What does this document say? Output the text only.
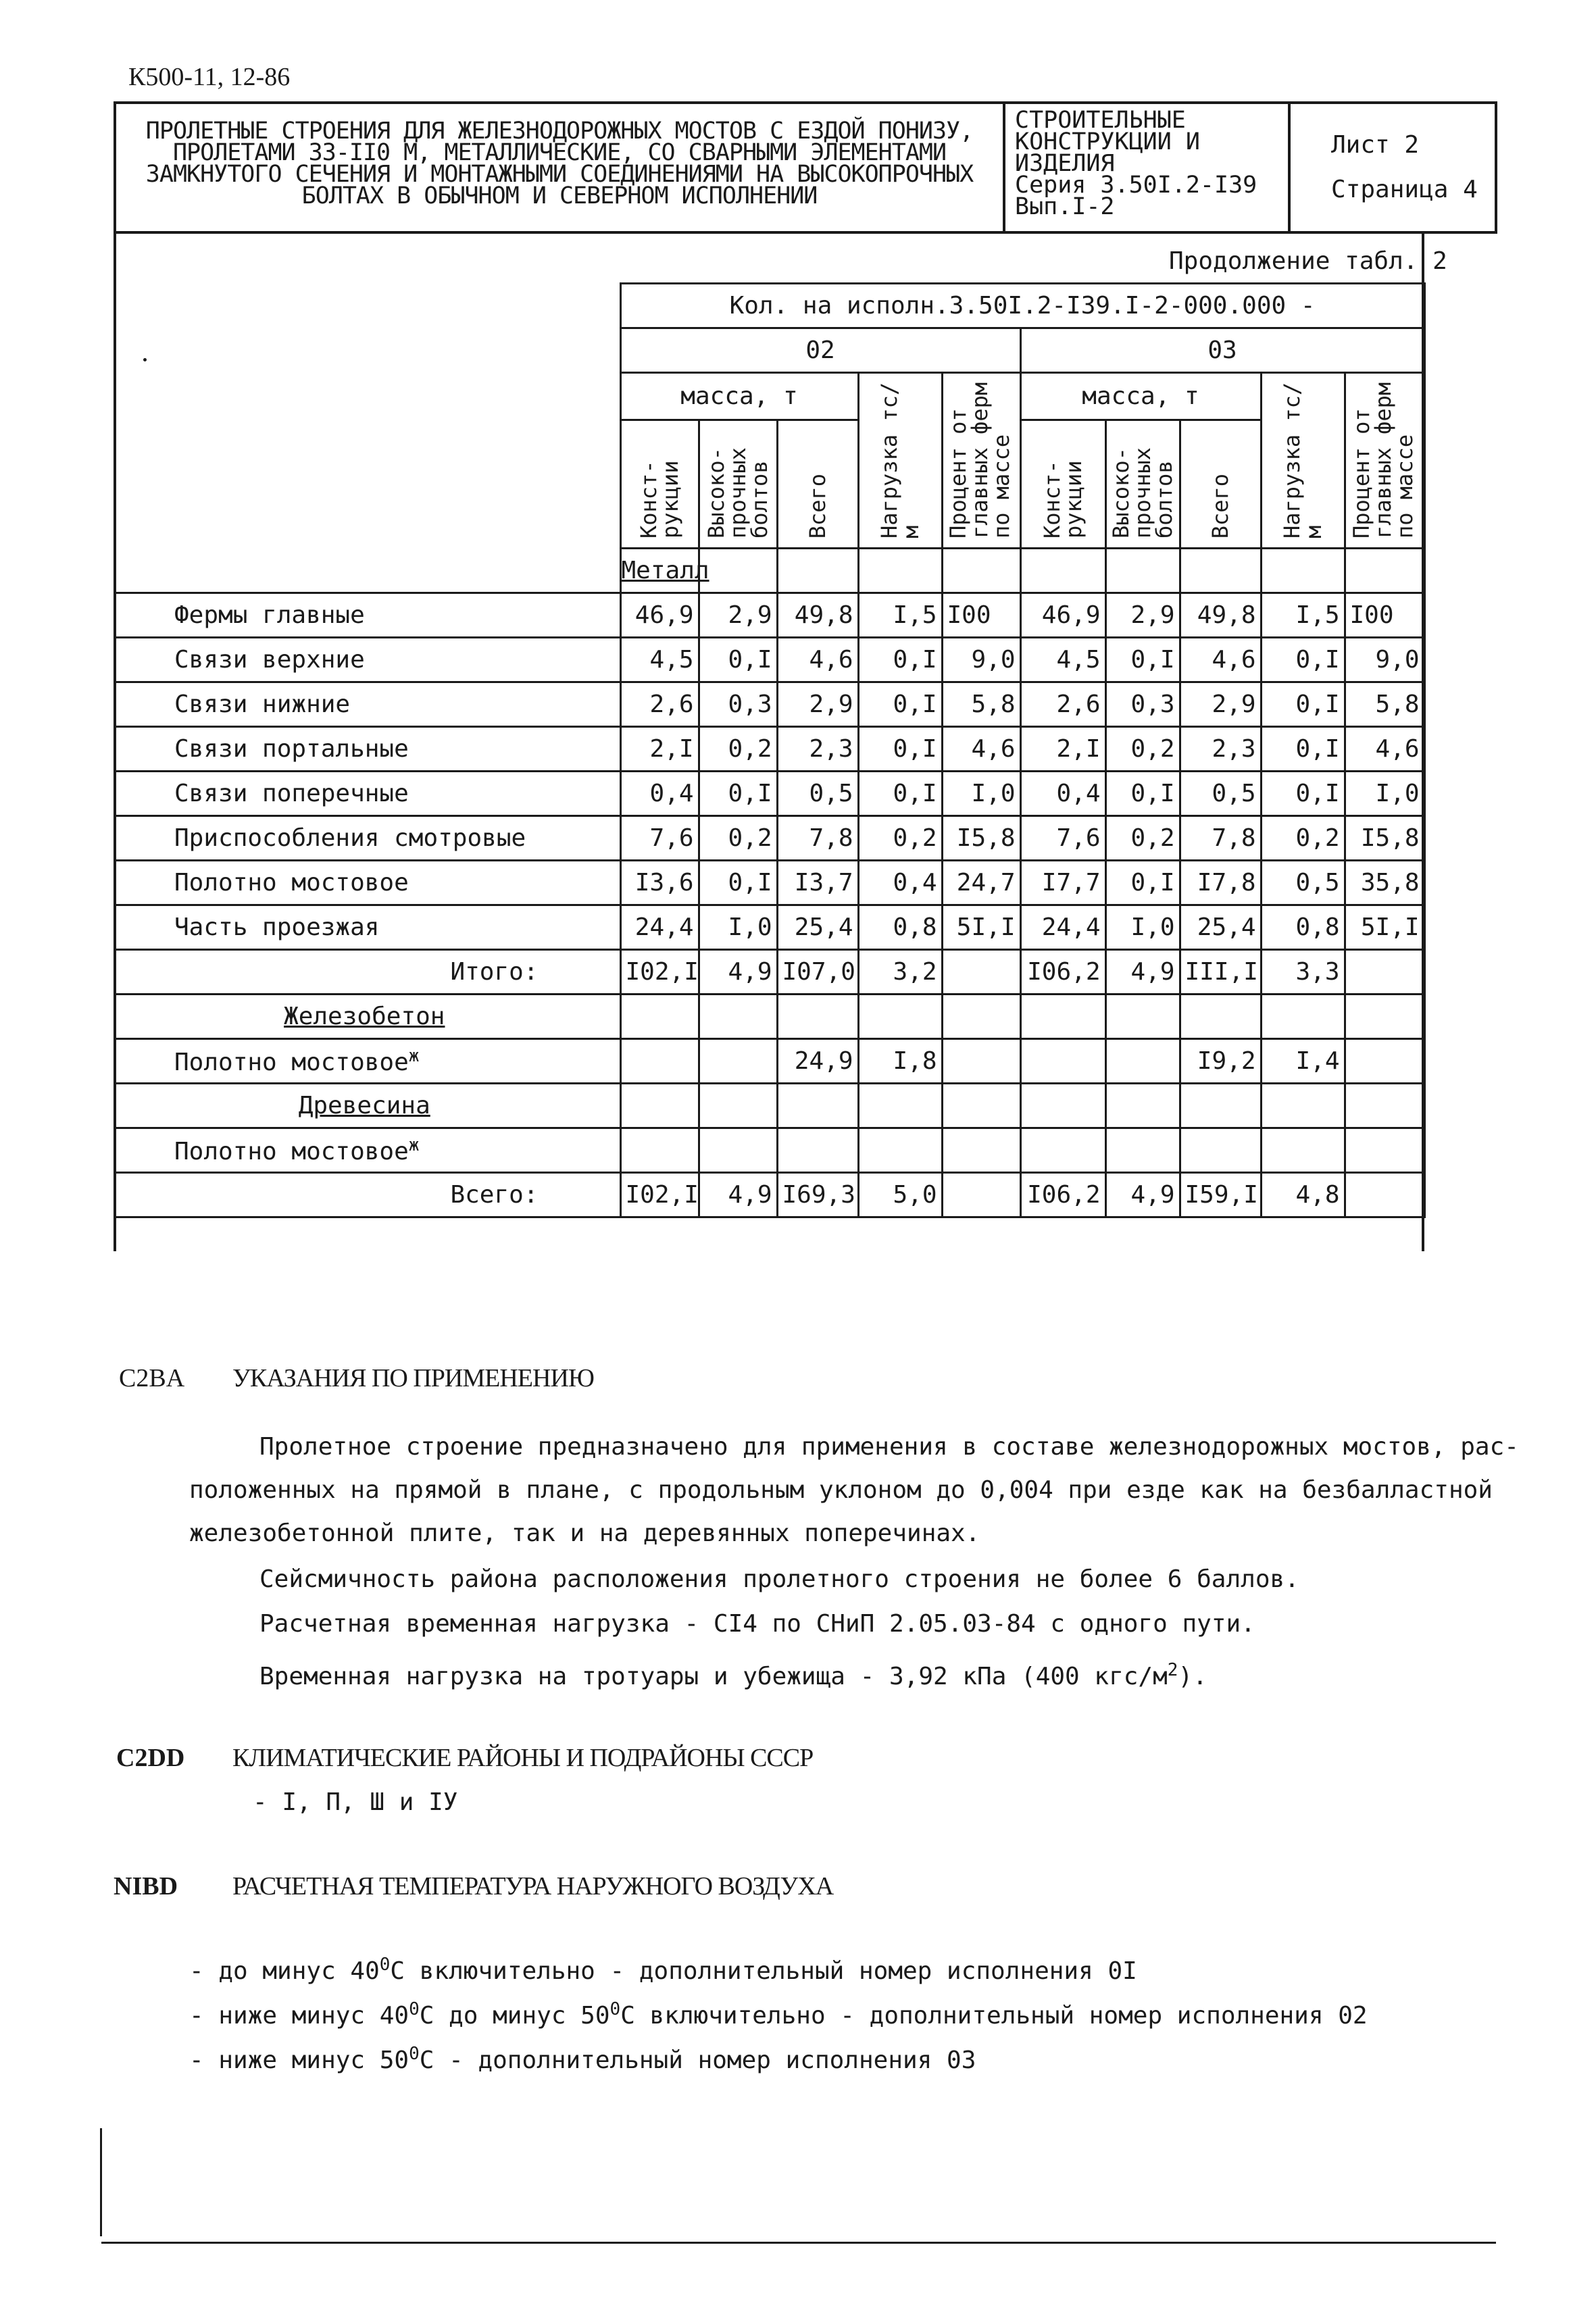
К500-11, 12-86
ПРОЛЕТНЫЕ СТРОЕНИЯ ДЛЯ ЖЕЛЕЗНОДОРОЖНЫХ МОСТОВ С ЕЗДОЙ ПОНИЗУ,
ПРОЛЕТАМИ 33-II0 М, МЕТАЛЛИЧЕСКИЕ, СО СВАРНЫМИ ЭЛЕМЕНТАМИ
ЗАМКНУТОГО СЕЧЕНИЯ И МОНТАЖНЫМИ СОЕДИНЕНИЯМИ НА ВЫСОКОПРОЧНЫХ
БОЛТАХ В ОБЫЧНОМ И СЕВЕРНОМ ИСПОЛНЕНИИ
СТРОИТЕЛЬНЫЕ
КОНСТРУКЦИИ И
ИЗДЕЛИЯ
Серия 3.50I.2-I39
Вып.I-2
Лист 2
Страница 4
Продолжение табл. 2
	Кол. на исполн.3.50I.2-I39.I-2-000.000 -										
	02					03					
	масса, т			Нагрузка тс/м	Процент от главных ферм по массе	масса, т			Нагрузка тс/м	Процент от главных ферм по массе	
	Конст- рукции	Высоко- прочных болтов	Всего			Конст- рукции	Высоко- прочных болтов	Всего			
	Металл										
Фермы главные	46,9	2,9	49,8	I,5	I00	46,9	2,9	49,8	I,5	I00	
Связи верхние	4,5	0,I	4,6	0,I	9,0	4,5	0,I	4,6	0,I	9,0	
Связи нижние	2,6	0,3	2,9	0,I	5,8	2,6	0,3	2,9	0,I	5,8	
Связи портальные	2,I	0,2	2,3	0,I	4,6	2,I	0,2	2,3	0,I	4,6	
Связи поперечные	0,4	0,I	0,5	0,I	I,0	0,4	0,I	0,5	0,I	I,0	
Приспособления смотровые	7,6	0,2	7,8	0,2	I5,8	7,6	0,2	7,8	0,2	I5,8	
Полотно мостовое	I3,6	0,I	I3,7	0,4	24,7	I7,7	0,I	I7,8	0,5	35,8	
Часть проезжая	24,4	I,0	25,4	0,8	5I,I	24,4	I,0	25,4	0,8	5I,I	
Итого:	I02,I	4,9	I07,0	3,2		I06,2	4,9	III,I	3,3		
Железобетон											
Полотно мостовое$^ж$			24,9	I,8				I9,2	I,4		
Древесина											
Полотно мостовое$^ж$										
Всего:	I02,I	4,9	I69,3	5,0		I06,2	4,9	I59,I	4,8		
C2BA УКАЗАНИЯ ПО ПРИМЕНЕНИЮ
Пролетное строение предназначено для применения в составе железнодорожных мостов, рас-
положенных на прямой в плане, с продольным уклоном до 0,004 при езде как на безбалластной
железобетонной плите, так и на деревянных поперечинах.
Сейсмичность района расположения пролетного строения не более 6 баллов.
Расчетная временная нагрузка - СI4 по СНиП 2.05.03-84 с одного пути.
Временная нагрузка на тротуары и убежища - 3,92 кПа (400 кгс/$м^2$).
C2DD КЛИМАТИЧЕСКИЕ РАЙОНЫ И ПОДРАЙОНЫ СССР
- I, П, Ш и IУ
NIBD РАСЧЕТНАЯ ТЕМПЕРАТУРА НАРУЖНОГО ВОЗДУХА
- до минус $40^0С$ включительно - дополнительный номер исполнения 0I
- ниже минус $40^0С$ до минус $50^0С$ включительно - дополнительный номер исполнения 02
- ниже минус $50^0С$ - дополнительный номер исполнения 03
